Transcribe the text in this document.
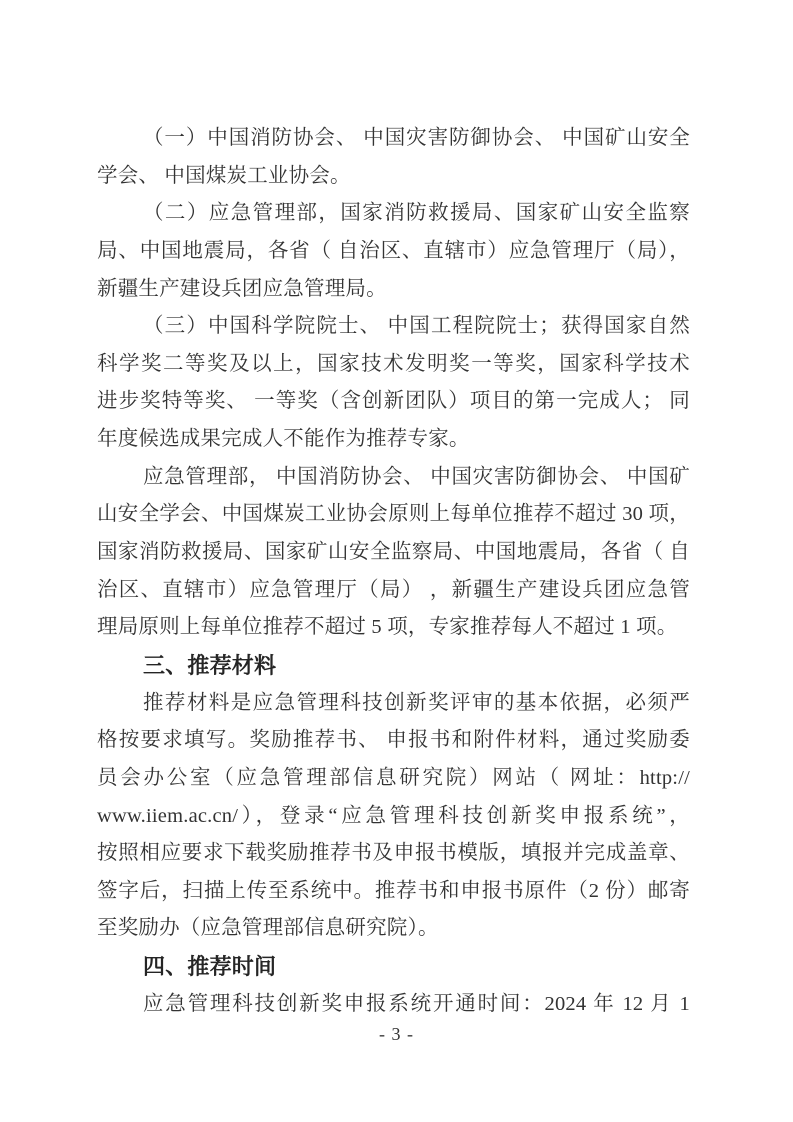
（一）中国消防协会、 中国灾害防御协会、 中国矿山安全
学会、 中国煤炭工业协会。
（二）应急管理部，国家消防救援局、国家矿山安全监察
局、中国地震局，各省（ 自治区、直辖市）应急管理厅（局），
新疆生产建设兵团应急管理局。
（三）中国科学院院士、 中国工程院院士；获得国家自然
科学奖二等奖及以上，国家技术发明奖一等奖，国家科学技术
进步奖特等奖、 一等奖（含创新团队）项目的第一完成人； 同
年度候选成果完成人不能作为推荐专家。
应急管理部， 中国消防协会、 中国灾害防御协会、 中国矿
山安全学会、中国煤炭工业协会原则上每单位推荐不超过 30 项，
国家消防救援局、国家矿山安全监察局、中国地震局，各省（ 自
治区、直辖市）应急管理厅（局） ，新疆生产建设兵团应急管
理局原则上每单位推荐不超过 5 项，专家推荐每人不超过 1 项。
三、推荐材料
推荐材料是应急管理科技创新奖评审的基本依据，必须严
格按要求填写。奖励推荐书、 申报书和附件材料，通过奖励委
员会办公室（应急管理部信息研究院）网站（ 网址：http://
www.iiem.ac.cn/），登录“应急管理科技创新奖申报系统”，
按照相应要求下载奖励推荐书及申报书模版，填报并完成盖章、
签字后，扫描上传至系统中。推荐书和申报书原件（2 份）邮寄
至奖励办（应急管理部信息研究院）。
四、推荐时间
应急管理科技创新奖申报系统开通时间：2024 年 12 月 1
- 3 -
